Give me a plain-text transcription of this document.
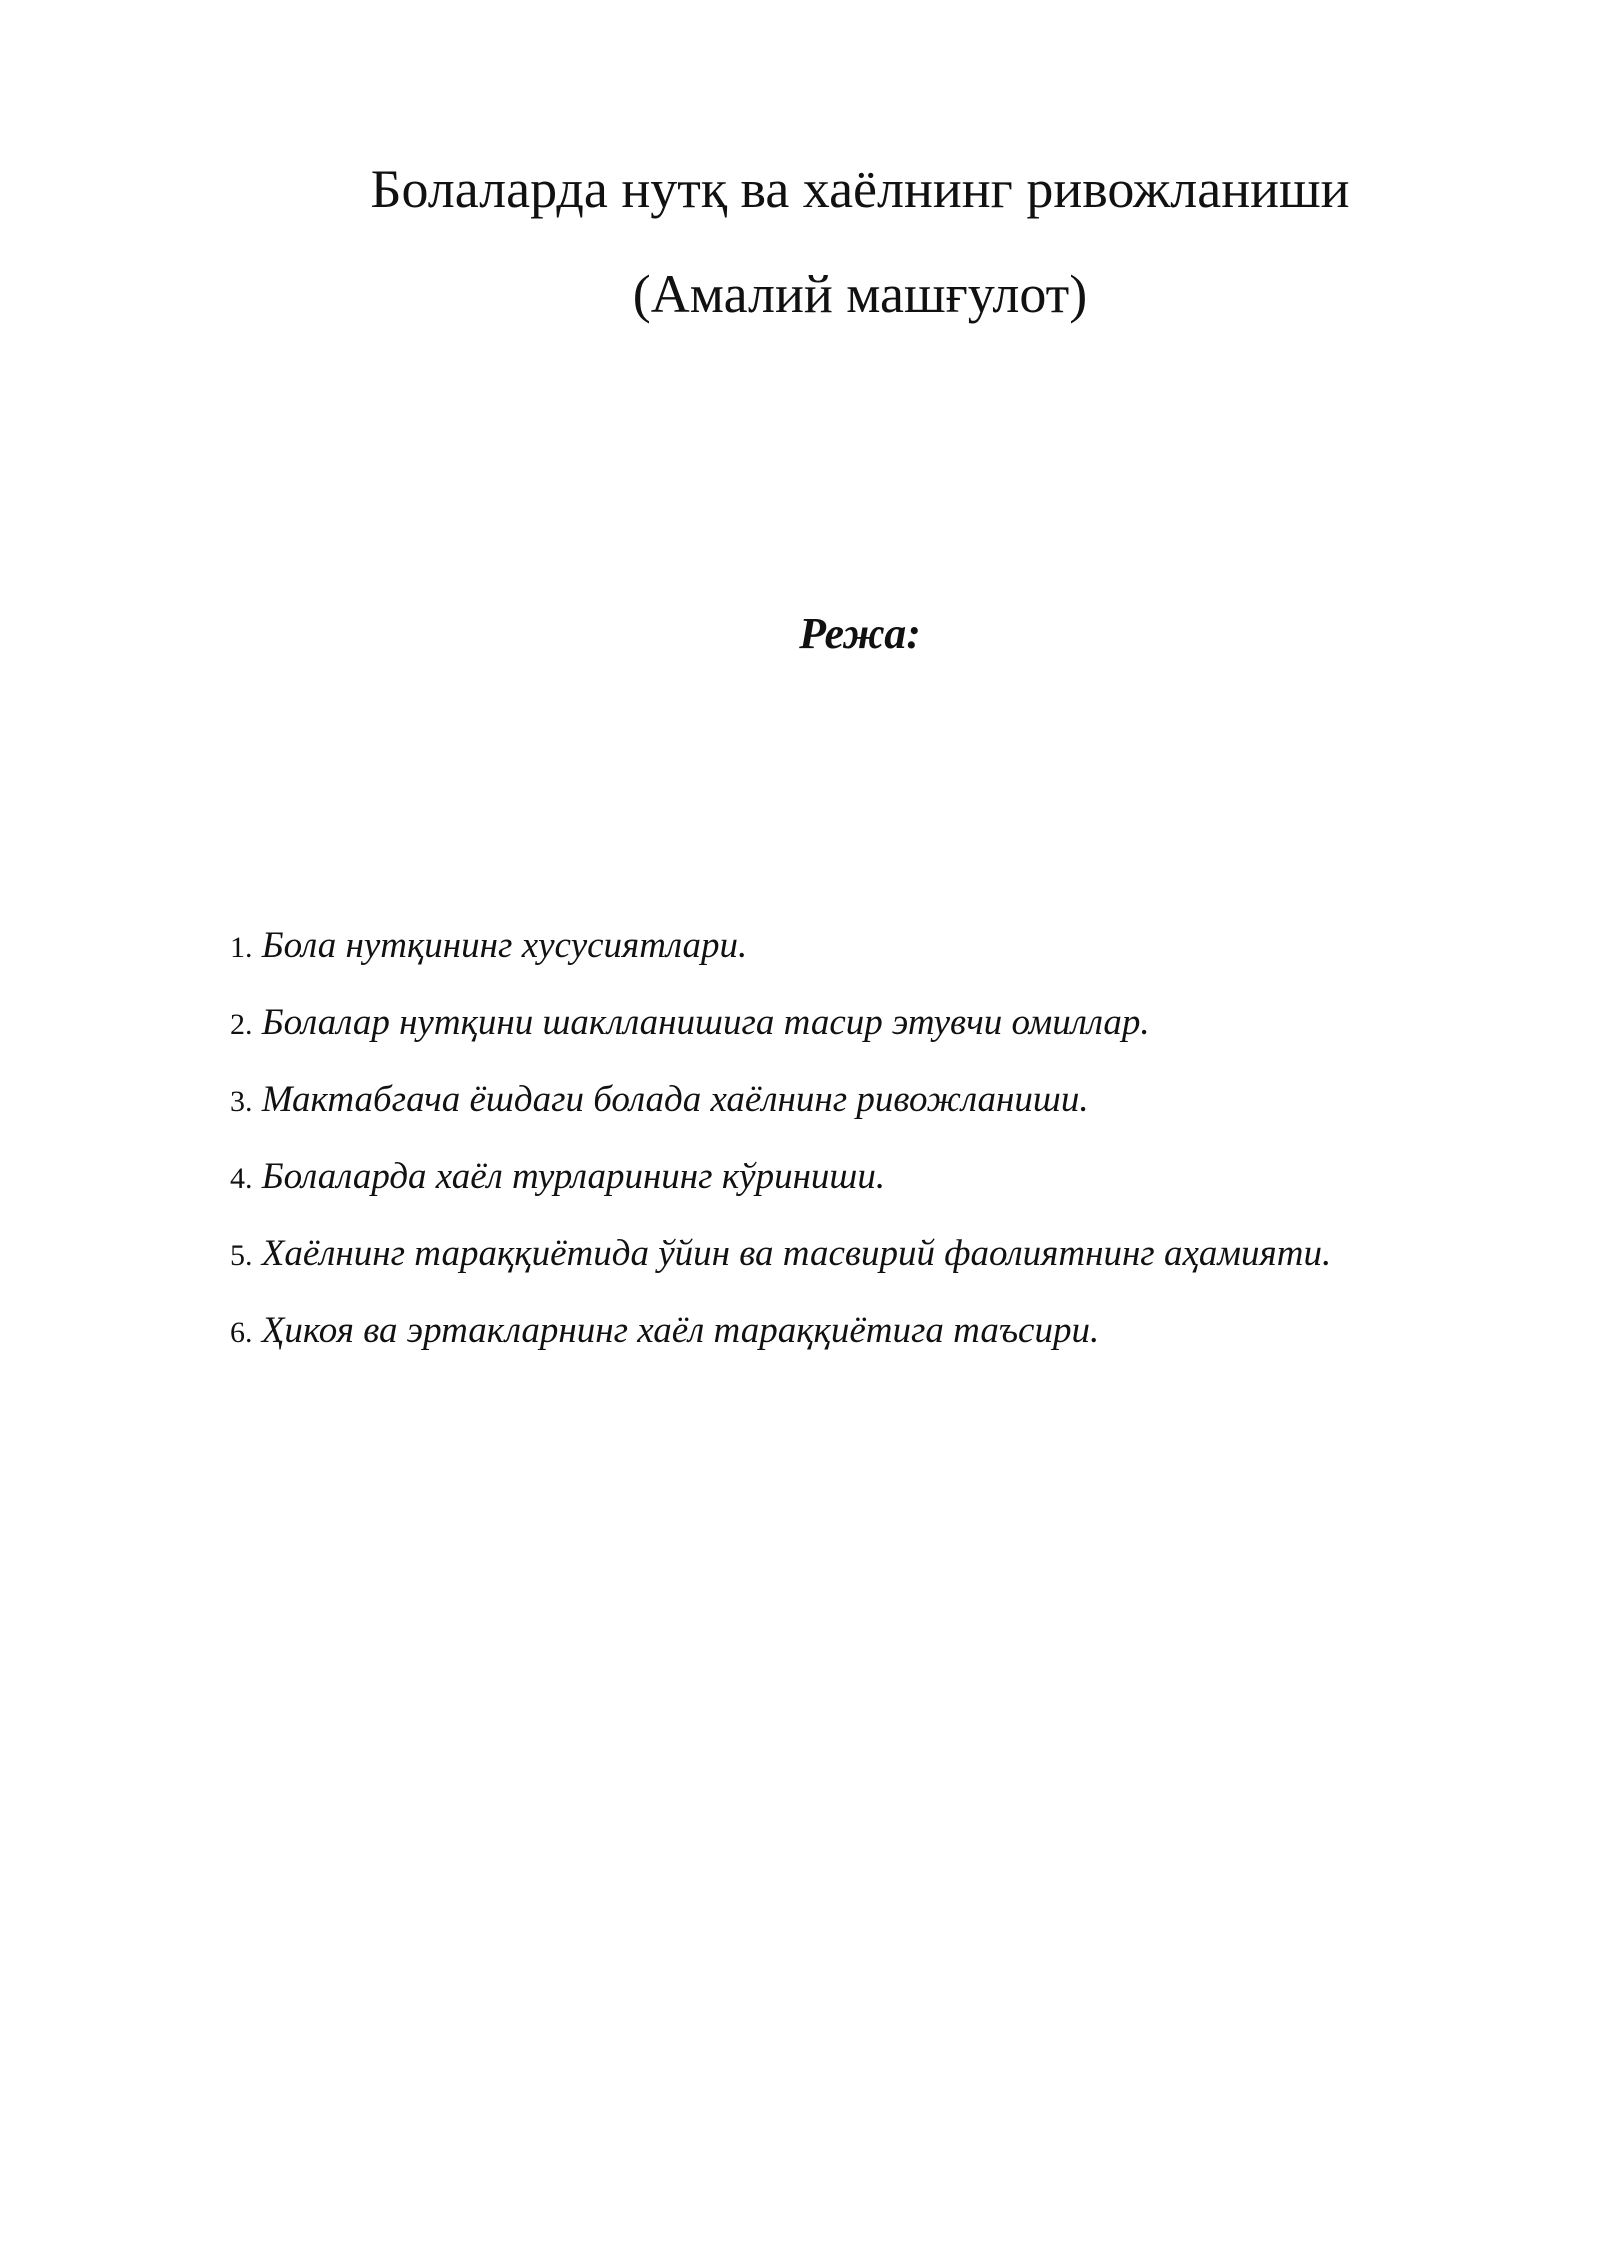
Болаларда нутқ ва хаёлнинг ривожланиши
(Амалий машғулот)
Режа:
1. Бола нутқининг хусусиятлари.
2. Болалар нутқини шаклланишига тасир этувчи омиллар.
3. Мактабгача ёшдаги болада хаёлнинг ривожланиши.
4. Болаларда хаёл турларининг кўриниши.
5. Хаёлнинг тараққиётида ўйин ва тасвирий фаолиятнинг аҳамияти.
6. Ҳикоя ва эртакларнинг хаёл тараққиётига таъсири.
